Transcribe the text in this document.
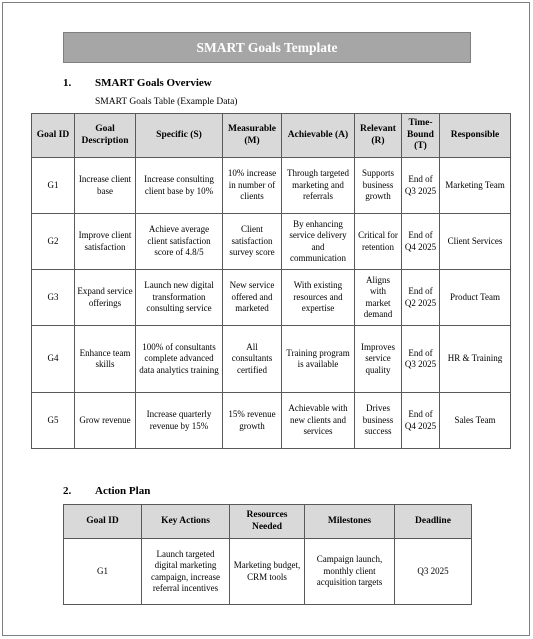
SMART Goals Template
1. SMART Goals Overview
SMART Goals Table (Example Data)
Goal ID	Goal Description	Specific (S)	Measurable (M)	Achievable (A)	Relevant (R)	Time-Bound (T)	Responsible
G1	Increase client base	Increase consulting client base by 10%	10% increase in number of clients	Through targeted marketing and referrals	Supports business growth	End of Q3 2025	Marketing Team
G2	Improve client satisfaction	Achieve average client satisfaction score of 4.8/5	Client satisfaction survey score	By enhancing service delivery and communication	Critical for retention	End of Q4 2025	Client Services
G3	Expand service offerings	Launch new digital transformation consulting service	New service offered and marketed	With existing resources and expertise	Aligns with market demand	End of Q2 2025	Product Team
G4	Enhance team skills	100% of consultants complete advanced data analytics training	All consultants certified	Training program is available	Improves service quality	End of Q3 2025	HR & Training
G5	Grow revenue	Increase quarterly revenue by 15%	15% revenue growth	Achievable with new clients and services	Drives business success	End of Q4 2025	Sales Team
2. Action Plan
Goal ID	Key Actions	Resources Needed	Milestones	Deadline
G1	Launch targeted digital marketing campaign, increase referral incentives	Marketing budget, CRM tools	Campaign launch, monthly client acquisition targets	Q3 2025
